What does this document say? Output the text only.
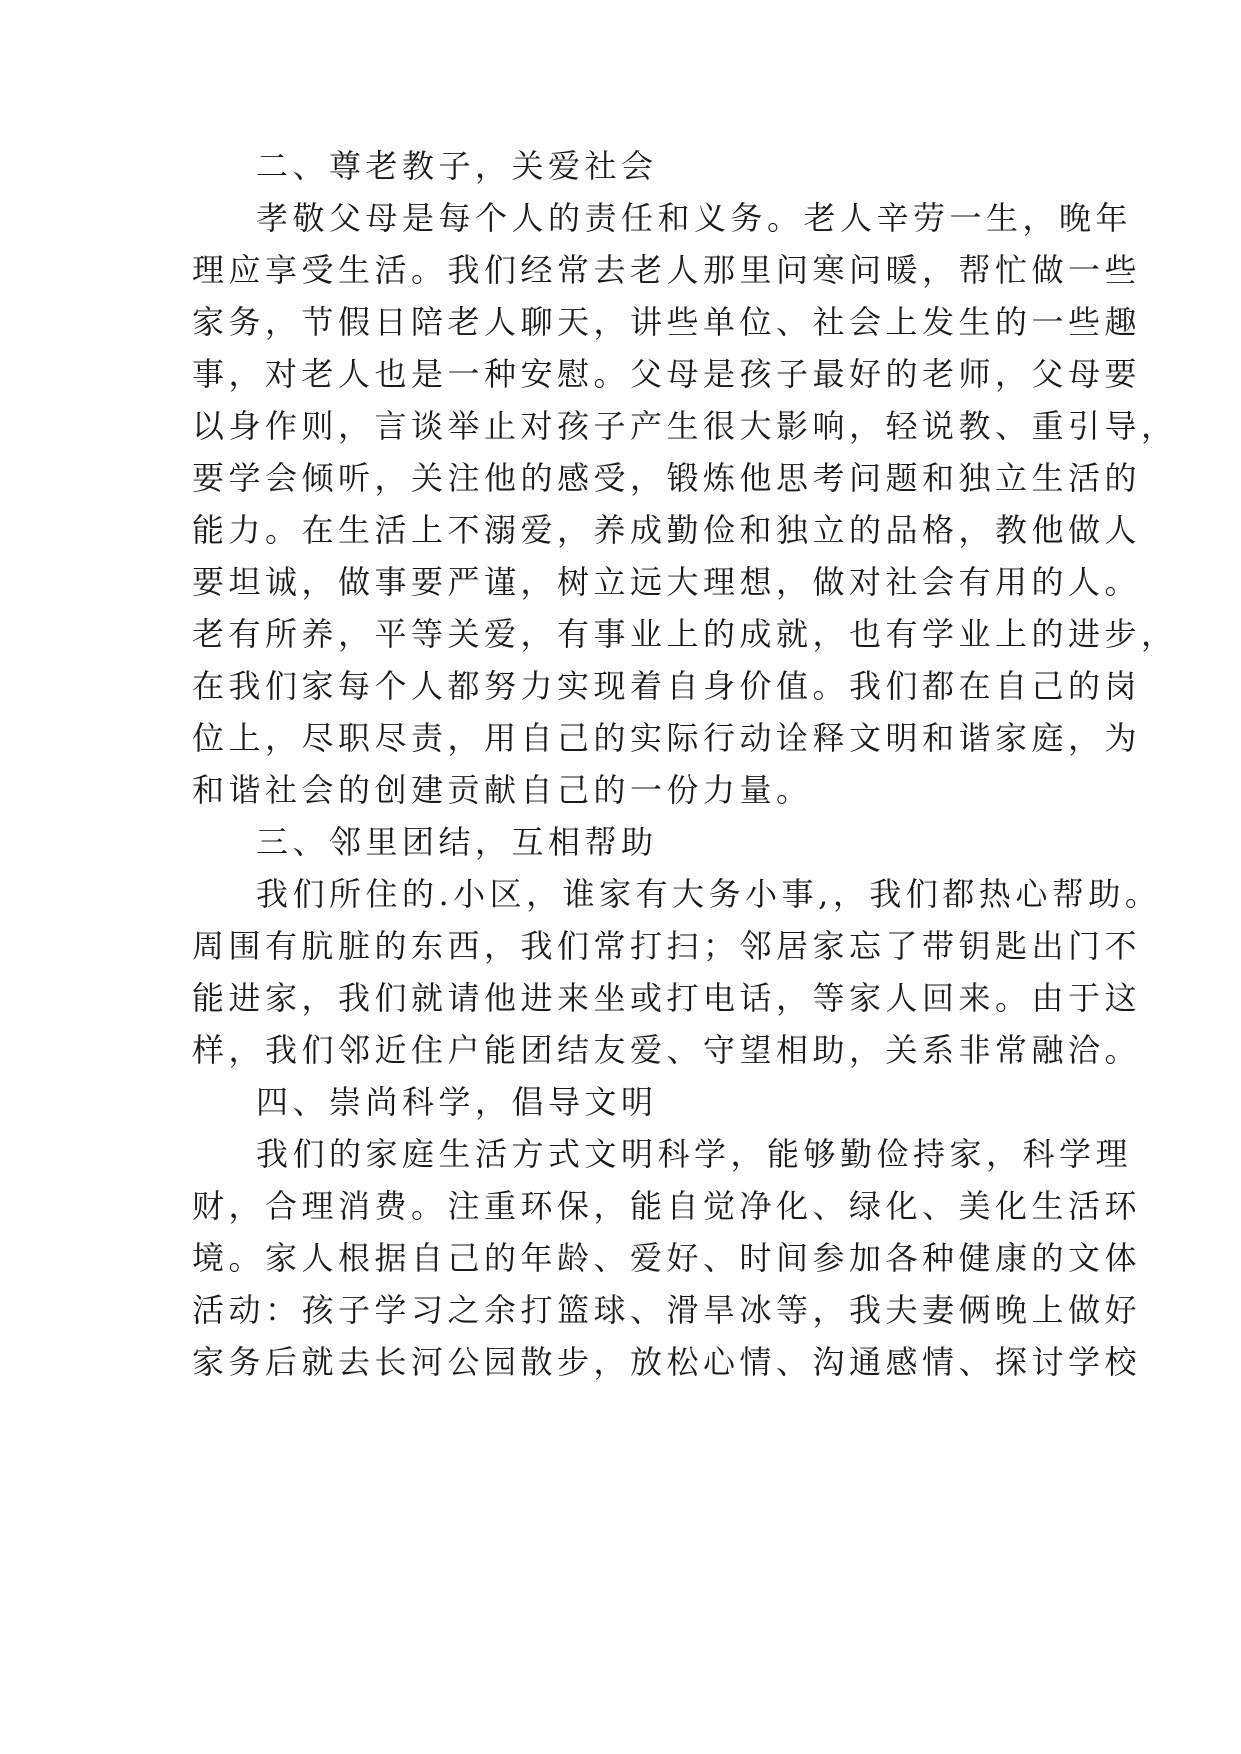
二、尊老教子，关爱社会
孝敬父母是每个人的责任和义务。老人辛劳一生，晚年
理应享受生活。我们经常去老人那里问寒问暖，帮忙做一些
家务，节假日陪老人聊天，讲些单位、社会上发生的一些趣
事，对老人也是一种安慰。父母是孩子最好的老师，父母要
以身作则，言谈举止对孩子产生很大影响，轻说教、重引导，
要学会倾听，关注他的感受，锻炼他思考问题和独立生活的
能力。在生活上不溺爱，养成勤俭和独立的品格，教他做人
要坦诚，做事要严谨，树立远大理想，做对社会有用的人。
老有所养，平等关爱，有事业上的成就，也有学业上的进步，
在我们家每个人都努力实现着自身价值。我们都在自己的岗
位上，尽职尽责，用自己的实际行动诠释文明和谐家庭，为
和谐社会的创建贡献自己的一份力量。
三、邻里团结，互相帮助
我们所住的.小区，谁家有大务小事,，我们都热心帮助。
周围有肮脏的东西，我们常打扫；邻居家忘了带钥匙出门不
能进家，我们就请他进来坐或打电话，等家人回来。由于这
样，我们邻近住户能团结友爱、守望相助，关系非常融洽。
四、崇尚科学，倡导文明
我们的家庭生活方式文明科学，能够勤俭持家，科学理
财，合理消费。注重环保，能自觉净化、绿化、美化生活环
境。家人根据自己的年龄、爱好、时间参加各种健康的文体
活动：孩子学习之余打篮球、滑旱冰等，我夫妻俩晚上做好
家务后就去长河公园散步，放松心情、沟通感情、探讨学校
